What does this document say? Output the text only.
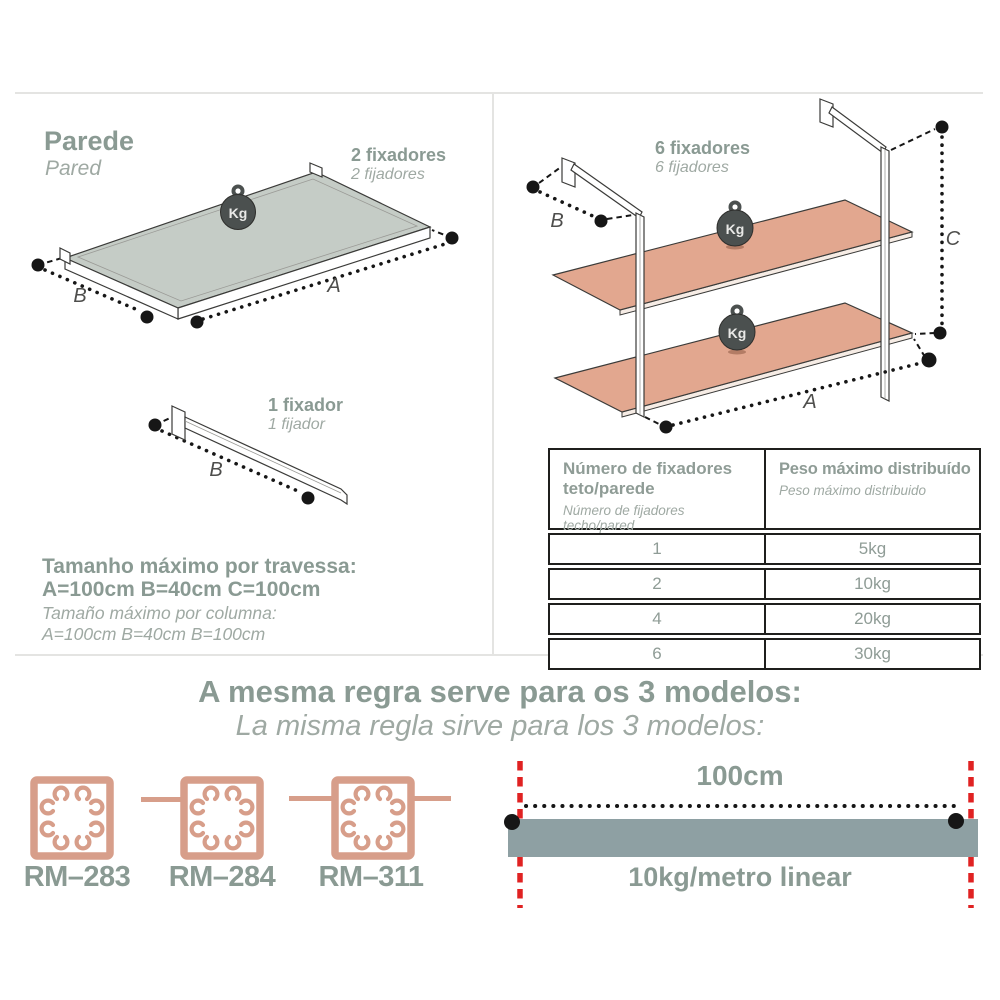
Parede
Pared
2 fixadores
2 fijadores
Kg
B	A
1 fixador
1 fijador
B
Tamanho máximo por travessa:
A=100cm B=40cm C=100cm
Tamaño máximo por columna:
A=100cm B=40cm B=100cm
6 fixadores
6 fijadores
Kg
Kg
B
C
A
Número de fixadores teto/parede
Número de fijadores techo/pared
Peso máximo distribuído
Peso máximo distribuido
1	5kg
2	10kg
4	20kg
6	30kg
A mesma regra serve para os 3 modelos:
La misma regla sirve para los 3 modelos:
RM–283	RM–284	RM–311
100cm
10kg/metro linear
